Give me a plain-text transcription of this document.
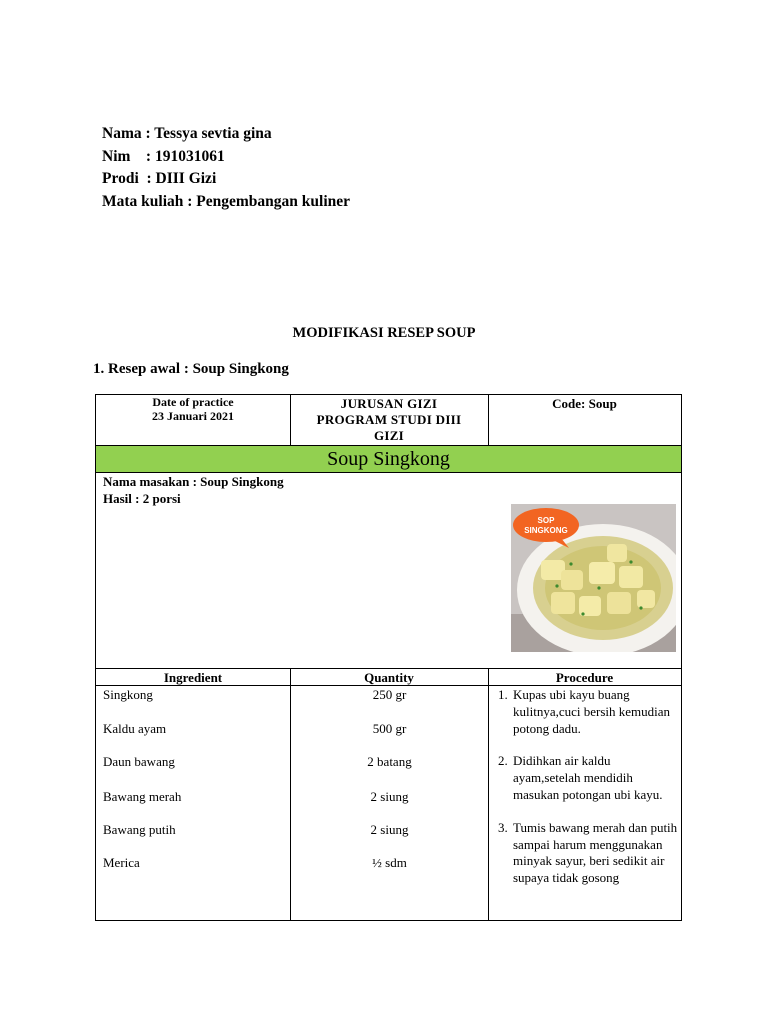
Nama : Tessya sevtia gina
Nim    : 191031061
Prodi  : DIII Gizi
Mata kuliah : Pengembangan kuliner
MODIFIKASI RESEP SOUP
1. Resep awal : Soup Singkong
Date of practice
23 Januari 2021
JURUSAN GIZI
PROGRAM STUDI DIII
GIZI
Code: Soup
Soup Singkong
Nama masakan : Soup Singkong
Hasil : 2 porsi
SOP
SINGKONG
Ingredient	Quantity	Procedure
Singkong	250 gr
Kaldu ayam	500 gr
Daun bawang	2 batang
Bawang merah	2 siung
Bawang putih	2 siung
Merica	½ sdm
1. Kupas ubi kayu buang kulitnya,cuci bersih kemudian potong dadu.
2. Didihkan air kaldu ayam,setelah mendidih masukan potongan ubi kayu.
3. Tumis bawang merah dan putih sampai harum menggunakan minyak sayur, beri sedikit air supaya tidak gosong
